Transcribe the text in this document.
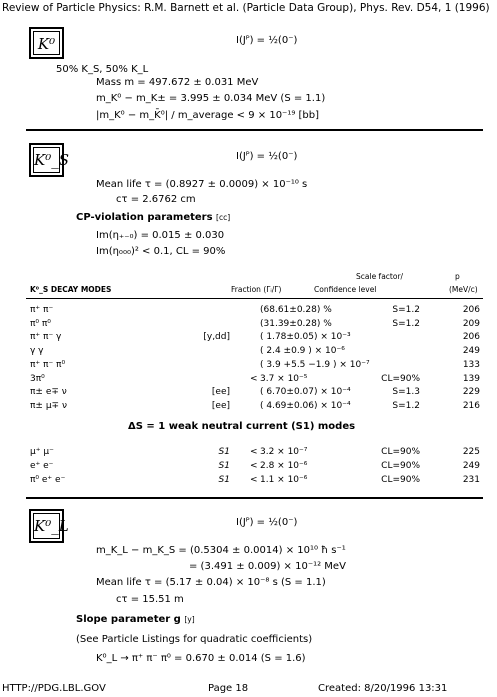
Review of Particle Physics: R.M. Barnett et al. (Particle Data Group), Phys. Rev. D54, 1 (1996)
K⁰	I(Jᴾ) = ½(0⁻)
50% K_S, 50% K_L
Mass m = 497.672 ± 0.031 MeV
m_K⁰ − m_K± = 3.995 ± 0.034 MeV (S = 1.1)
|m_K⁰ − m_K̄⁰| / m_average < 9 × 10⁻¹⁹ [bb]
K⁰_S	I(Jᴾ) = ½(0⁻)
Mean life τ = (0.8927 ± 0.0009) × 10⁻¹⁰ s
cτ = 2.6762 cm
CP-violation parameters [cc]
Im(η₊₋₀) = 0.015 ± 0.030
Im(η₀₀₀)² < 0.1, CL = 90%
Scale factor/	p
K⁰_S DECAY MODES	Fraction (Γᵢ/Γ)	Confidence level	(MeV/c)
π⁺ π⁻	(68.61±0.28) %	S=1.2	206
π⁰ π⁰	(31.39±0.28) %	S=1.2	209
π⁺ π⁻ γ	[y,dd]	( 1.78±0.05) × 10⁻³	206
γ γ	( 2.4 ±0.9 ) × 10⁻⁶	249
π⁺ π⁻ π⁰	( 3.9 +5.5 −1.9 ) × 10⁻⁷	133
3π⁰	< 3.7 × 10⁻⁵	CL=90%	139
π± e∓ ν	[ee]	( 6.70±0.07) × 10⁻⁴	S=1.3	229
π± μ∓ ν	[ee]	( 4.69±0.06) × 10⁻⁴	S=1.2	216
ΔS = 1 weak neutral current (S1) modes
μ⁺ μ⁻	S1 < 3.2 × 10⁻⁷	CL=90%	225
e⁺ e⁻	S1 < 2.8 × 10⁻⁶	CL=90%	249
π⁰ e⁺ e⁻	S1 < 1.1 × 10⁻⁶	CL=90%	231
K⁰_L	I(Jᴾ) = ½(0⁻)
m_K_L − m_K_S = (0.5304 ± 0.0014) × 10¹⁰ ħ s⁻¹
= (3.491 ± 0.009) × 10⁻¹² MeV
Mean life τ = (5.17 ± 0.04) × 10⁻⁸ s (S = 1.1)
cτ = 15.51 m
Slope parameter g [y]
(See Particle Listings for quadratic coefficients)
K⁰_L → π⁺ π⁻ π⁰ = 0.670 ± 0.014 (S = 1.6)
HTTP://PDG.LBL.GOV	Page 18	Created: 8/20/1996 13:31
